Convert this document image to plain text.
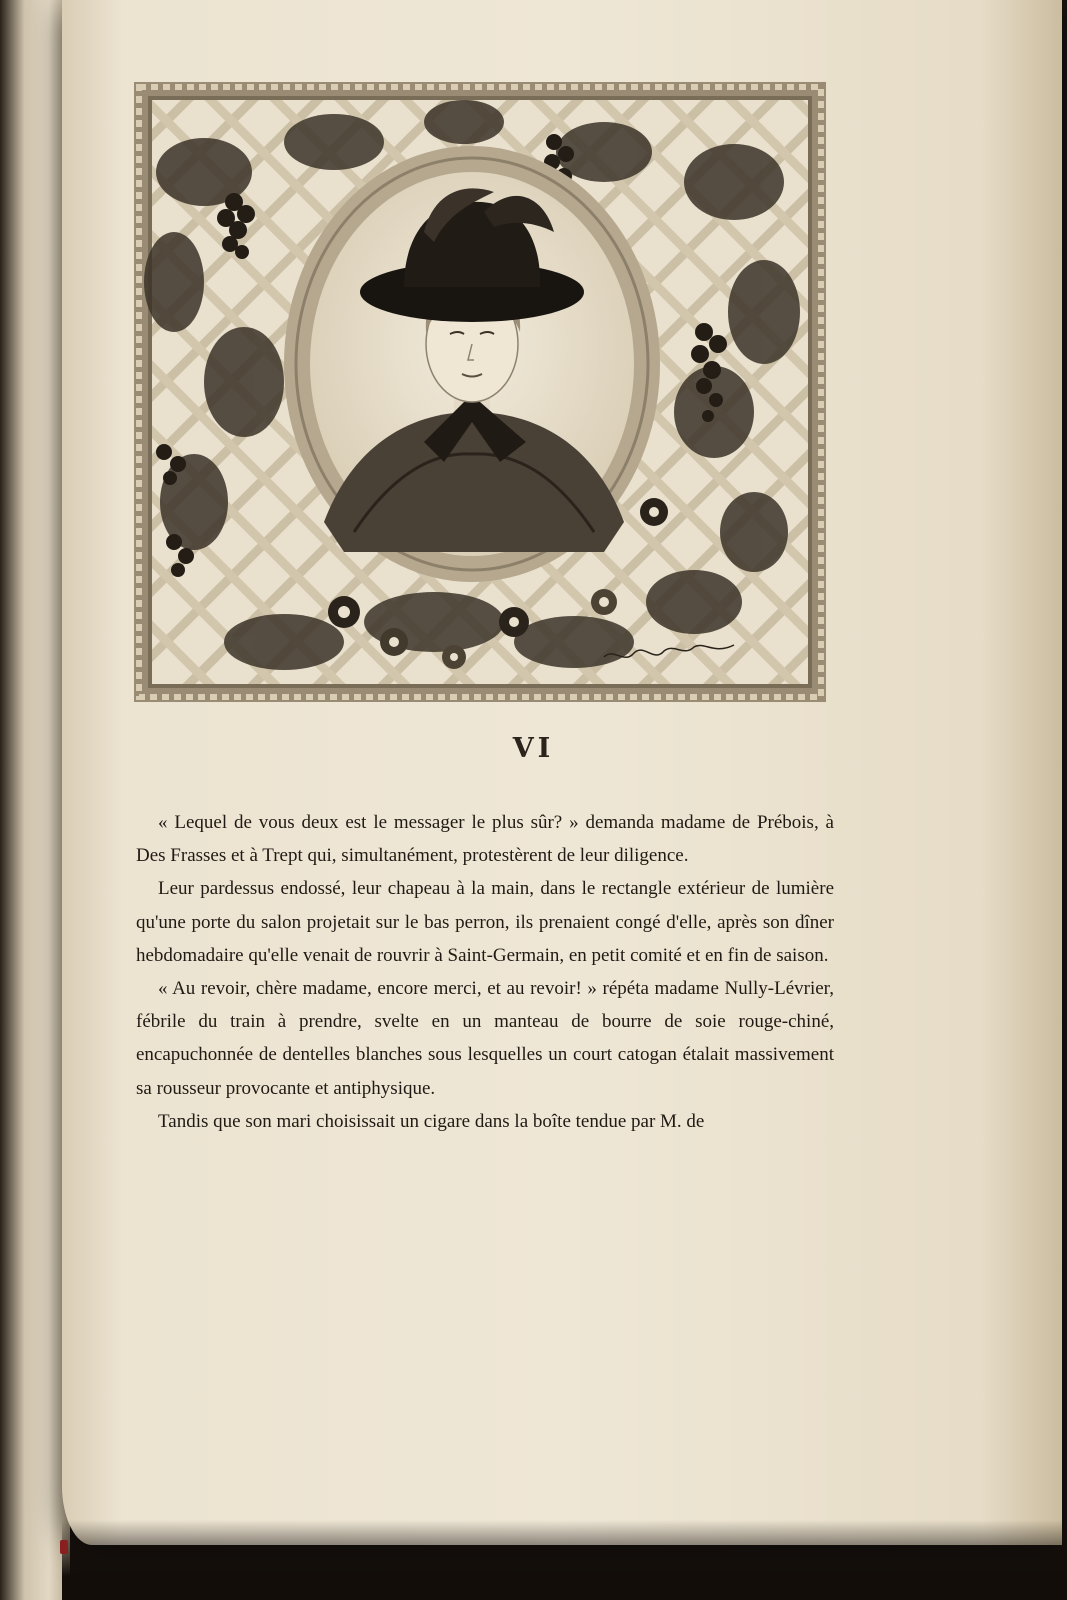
VI

« Lequel de vous deux est le messager le plus sûr? » demanda madame de Prébois, à Des Frasses et à Trept qui, simultanément, protestèrent de leur diligence.

Leur pardessus endossé, leur chapeau à la main, dans le rectangle extérieur de lumière qu'une porte du salon projetait sur le bas perron, ils prenaient congé d'elle, après son dîner hebdomadaire qu'elle venait de rouvrir à Saint-Germain, en petit comité et en fin de saison.

« Au revoir, chère madame, encore merci, et au revoir! » répéta madame Nully-Lévrier, fébrile du train à prendre, svelte en un manteau de bourre de soie rouge-chiné, encapuchonnée de dentelles blanches sous lesquelles un court catogan étalait massivement sa rousseur provocante et antiphysique.

Tandis que son mari choisissait un cigare dans la boîte tendue par M. de
